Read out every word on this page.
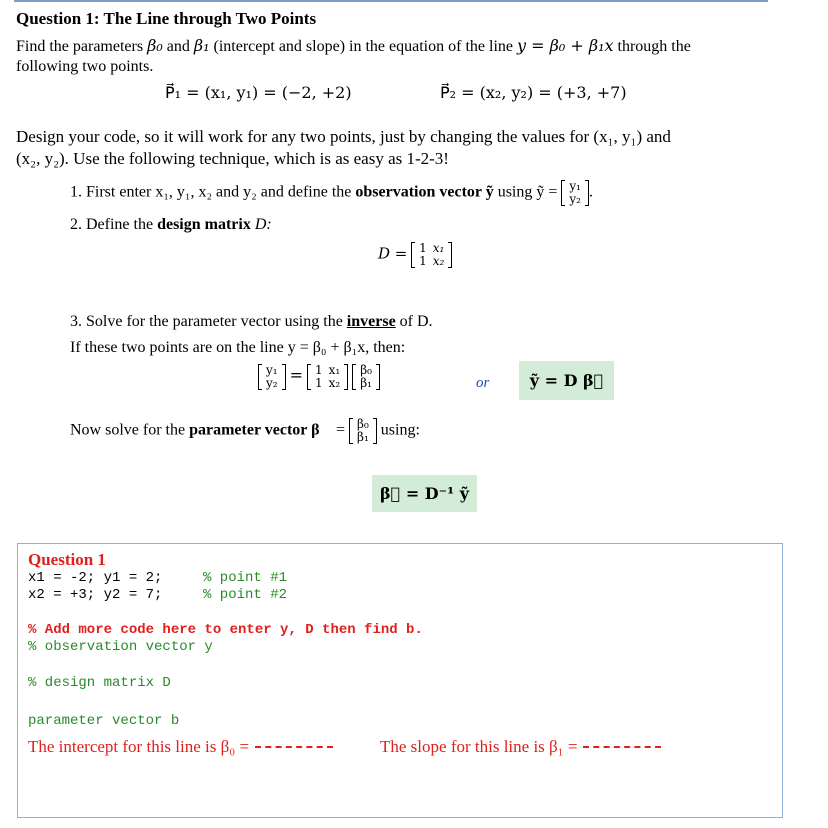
Question 1: The Line through Two Points
Find the parameters β₀ and β₁ (intercept and slope) in the equation of the line y = β₀ + β₁x through the
following two points.
P⃗₁ = (x₁, y₁) = (−2, +2)	P⃗₂ = (x₂, y₂) = (+3, +7)
Design your code, so it will work for any two points, just by changing the values for (x₁, y₁) and
(x₂, y₂). Use the following technique, which is as easy as 1-2-3!
1. First enter x₁, y₁, x₂ and y₂ and define the observation vector ỹ using ỹ = y₁
y₂ .
2. Define the design matrix D:
D = 1	x₁
1	x₂
3. Solve for the parameter vector using the inverse of D.
If these two points are on the line y = β₀ + β₁x, then:
y₁
y₂ = 1	x₁
1	x₂

β₀
β₁	or	ỹ = D β⃗
Now solve for the parameter vector β⃗ = β₀
β₁ using:
β⃗ = D⁻¹ ỹ
Question 1
x1 = -2; y1 = 2;	% point #1
x2 = +3; y2 = 7;	% point #2
% Add more code here to enter y, D then find b.
% observation vector y
% design matrix D
parameter vector b
The intercept for this line is β₀ =	The slope for this line is β₁ =
